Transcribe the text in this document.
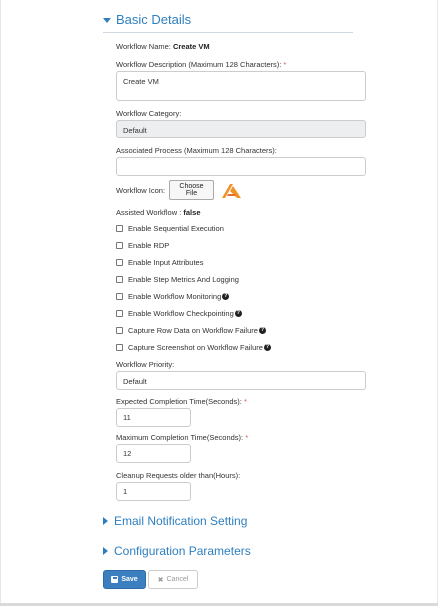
Basic Details
Workflow Name: Create VM
Workflow Description (Maximum 128 Characters): *
Create VM
Workflow Category:
Default
Associated Process (Maximum 128 Characters):
Workflow Icon:	Choose File
Assisted Workflow : false
Enable Sequential Execution
Enable RDP
Enable Input Attributes
Enable Step Metrics And Logging
Enable Workflow Monitoring ?
Enable Workflow Checkpointing ?
Capture Row Data on Workflow Failure ?
Capture Screenshot on Workflow Failure ?
Workflow Priority:
Default
Expected Completion Time(Seconds): *
11
Maximum Completion Time(Seconds): *
12
Cleanup Requests older than(Hours):
1
Email Notification Setting
Configuration Parameters
Save	✖ Cancel
